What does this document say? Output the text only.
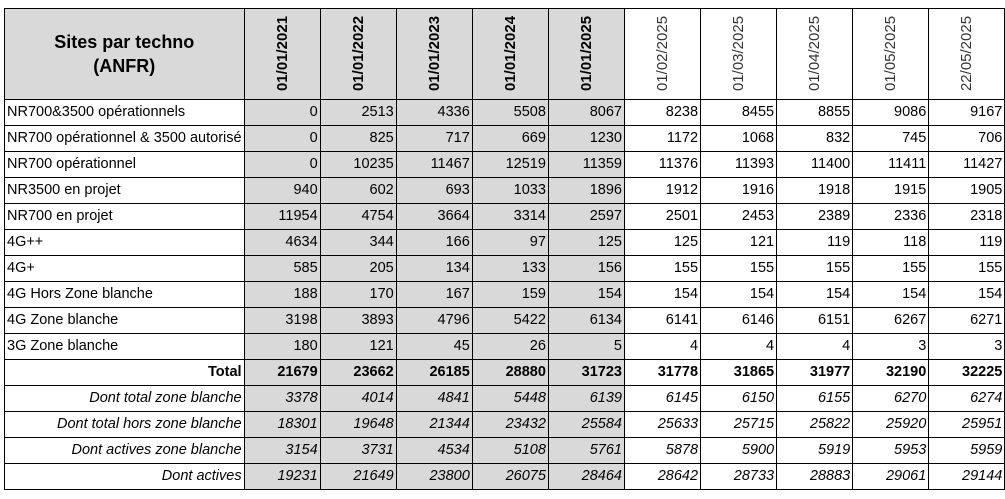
Sites par techno
(ANFR)	01/01/2021	01/01/2022	01/01/2023	01/01/2024	01/01/2025	01/02/2025	01/03/2025	01/04/2025	01/05/2025	22/05/2025
NR700&3500 opérationnels	0	2513	4336	5508	8067	8238	8455	8855	9086	9167
NR700 opérationnel & 3500 autorisé	0	825	717	669	1230	1172	1068	832	745	706
NR700 opérationnel	0	10235	11467	12519	11359	11376	11393	11400	11411	11427
NR3500 en projet	940	602	693	1033	1896	1912	1916	1918	1915	1905
NR700 en projet	11954	4754	3664	3314	2597	2501	2453	2389	2336	2318
4G++	4634	344	166	97	125	125	121	119	118	119
4G+	585	205	134	133	156	155	155	155	155	155
4G Hors Zone blanche	188	170	167	159	154	154	154	154	154	154
4G Zone blanche	3198	3893	4796	5422	6134	6141	6146	6151	6267	6271
3G Zone blanche	180	121	45	26	5	4	4	4	3	3
Total	21679	23662	26185	28880	31723	31778	31865	31977	32190	32225
Dont total zone blanche	3378	4014	4841	5448	6139	6145	6150	6155	6270	6274
Dont total hors zone blanche	18301	19648	21344	23432	25584	25633	25715	25822	25920	25951
Dont actives zone blanche	3154	3731	4534	5108	5761	5878	5900	5919	5953	5959
Dont actives	19231	21649	23800	26075	28464	28642	28733	28883	29061	29144
